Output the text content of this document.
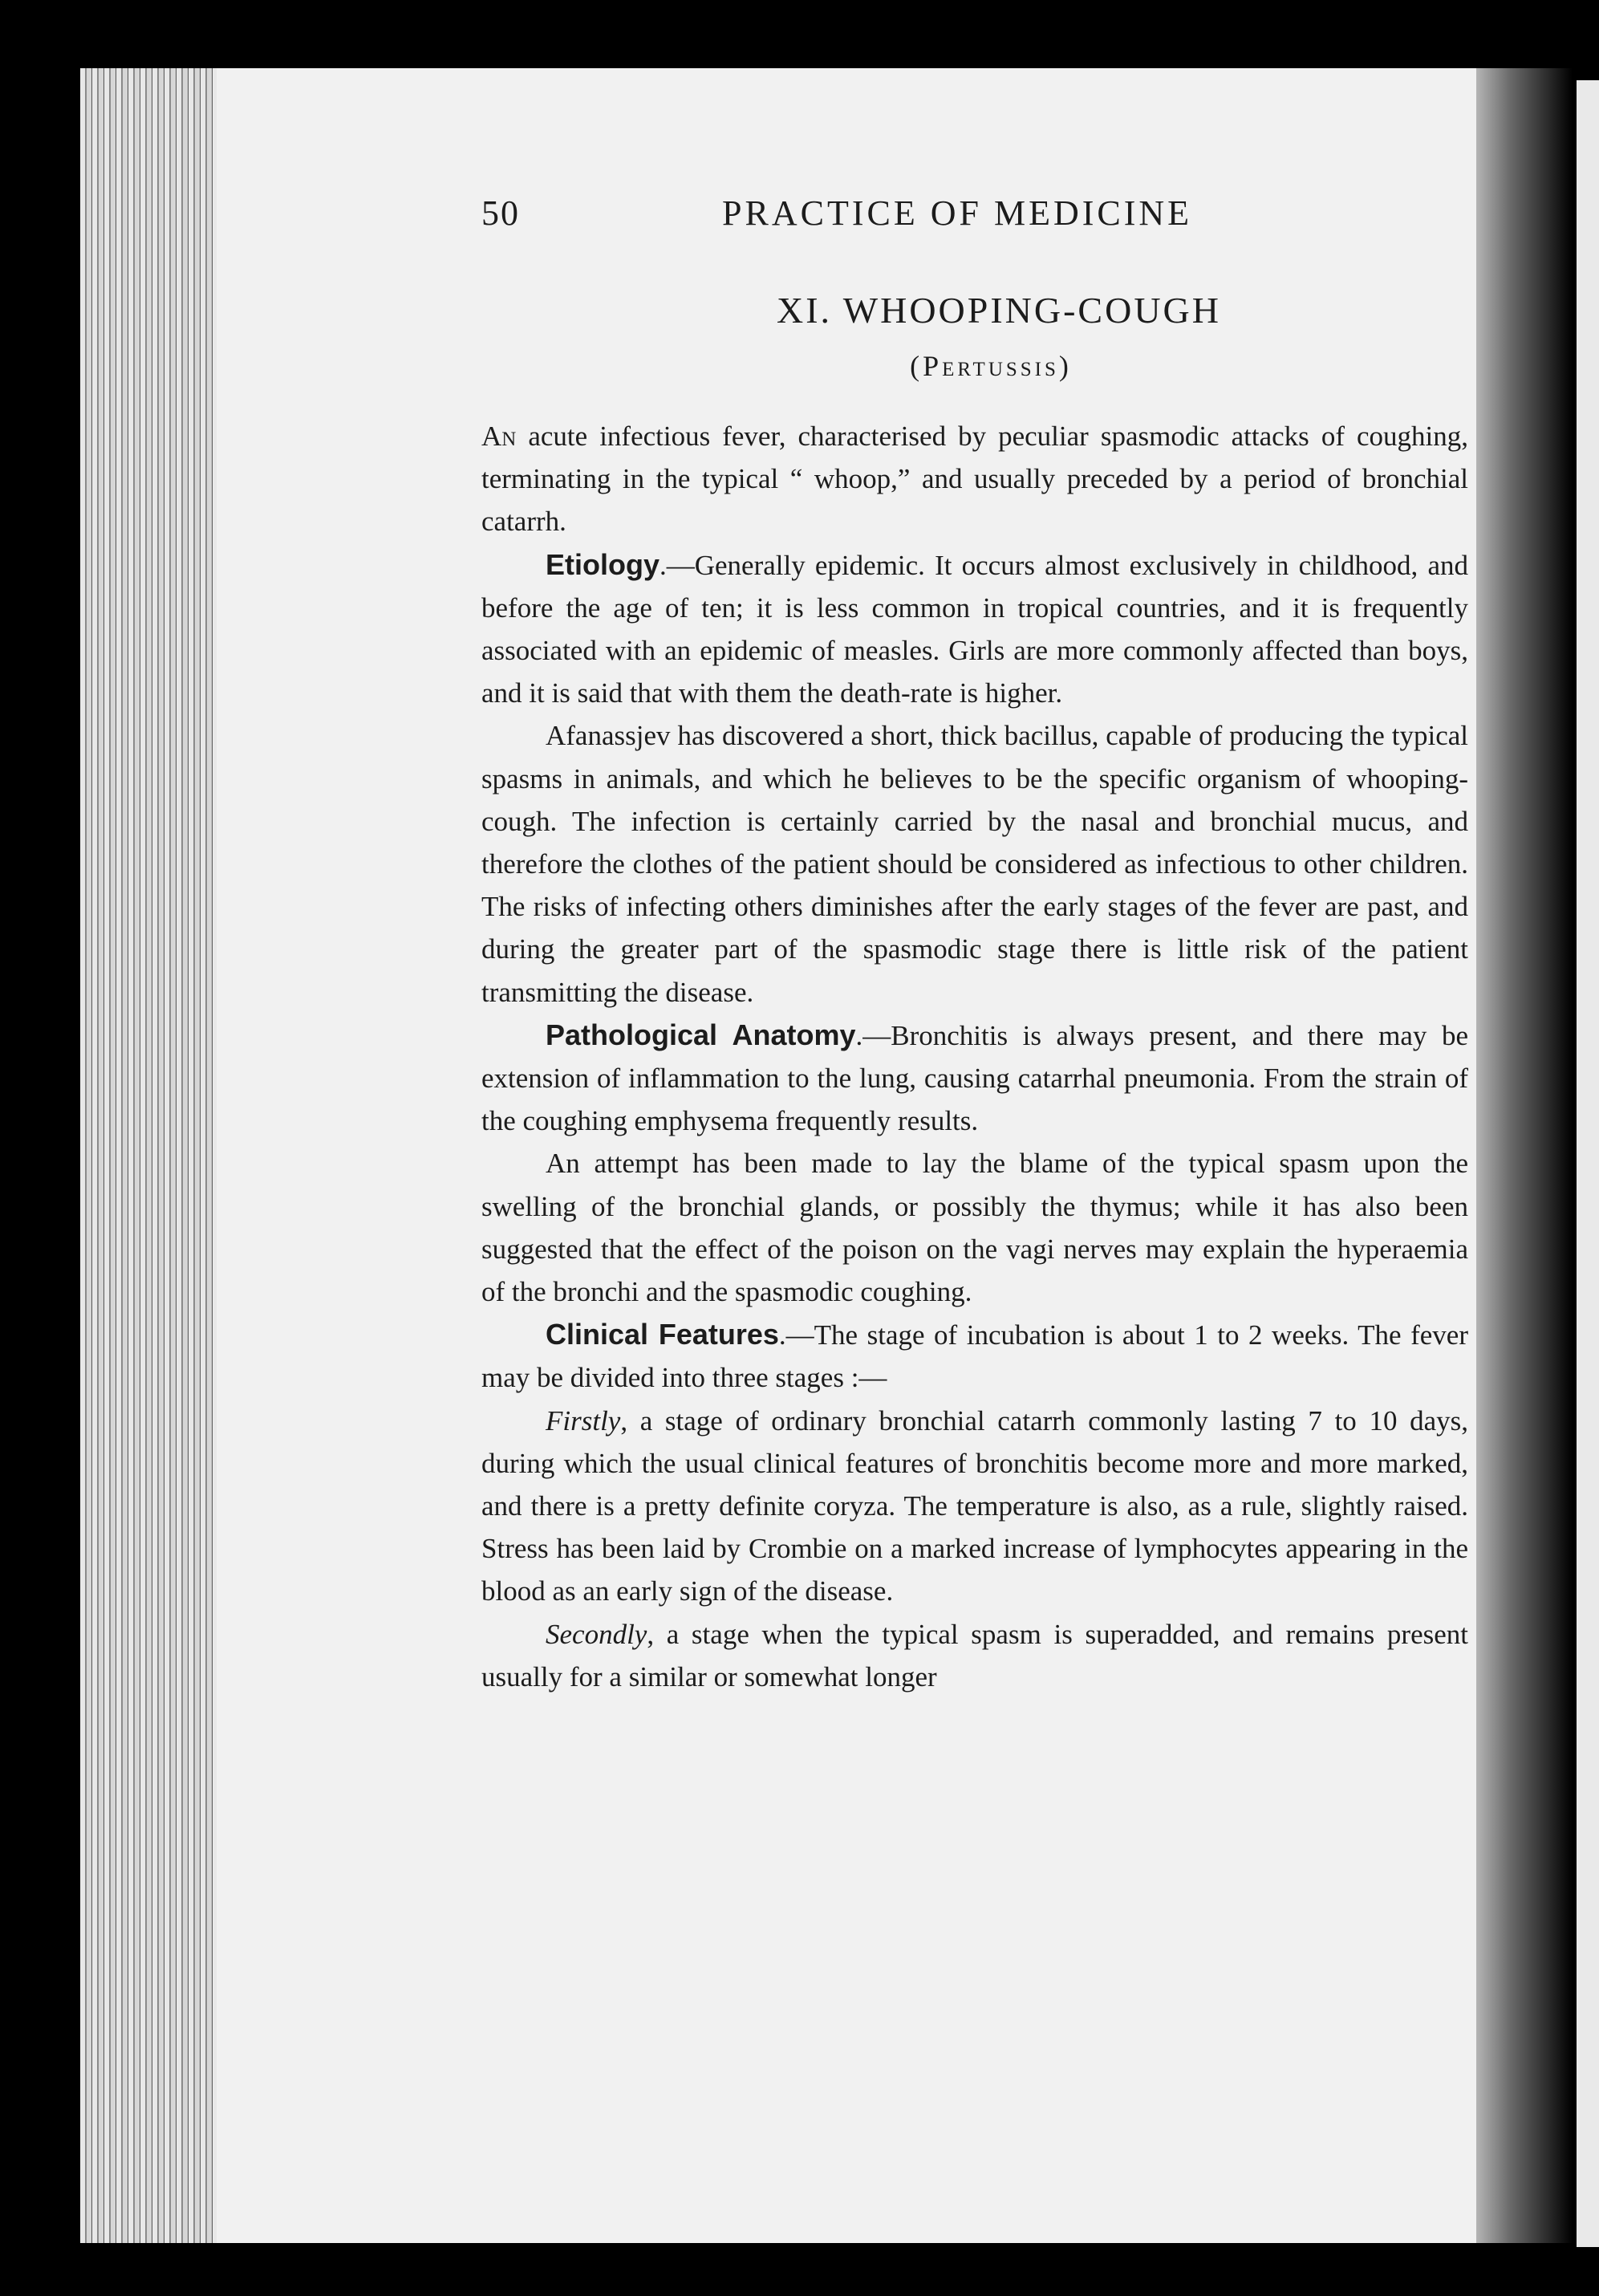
50	PRACTICE OF MEDICINE
XI. WHOOPING-COUGH
(Pertussis)

An acute infectious fever, characterised by peculiar spasmodic attacks of coughing, terminating in the typical “ whoop,” and usually preceded by a period of bronchial catarrh.

Etiology.—Generally epidemic. It occurs almost exclusively in childhood, and before the age of ten; it is less common in tropical countries, and it is frequently associated with an epidemic of measles. Girls are more commonly affected than boys, and it is said that with them the death-rate is higher.

Afanassjev has discovered a short, thick bacillus, capable of producing the typical spasms in animals, and which he believes to be the specific organism of whooping-cough. The infection is certainly carried by the nasal and bronchial mucus, and therefore the clothes of the patient should be considered as infectious to other children. The risks of infecting others diminishes after the early stages of the fever are past, and during the greater part of the spasmodic stage there is little risk of the patient transmitting the disease.

Pathological Anatomy.—Bronchitis is always present, and there may be extension of inflammation to the lung, causing catarrhal pneumonia. From the strain of the coughing emphysema frequently results.

An attempt has been made to lay the blame of the typical spasm upon the swelling of the bronchial glands, or possibly the thymus; while it has also been suggested that the effect of the poison on the vagi nerves may explain the hyperaemia of the bronchi and the spasmodic coughing.

Clinical Features.—The stage of incubation is about 1 to 2 weeks. The fever may be divided into three stages :—

Firstly, a stage of ordinary bronchial catarrh commonly lasting 7 to 10 days, during which the usual clinical features of bronchitis become more and more marked, and there is a pretty definite coryza. The temperature is also, as a rule, slightly raised. Stress has been laid by Crombie on a marked increase of lymphocytes appearing in the blood as an early sign of the disease.

Secondly, a stage when the typical spasm is superadded, and remains present usually for a similar or somewhat longer
